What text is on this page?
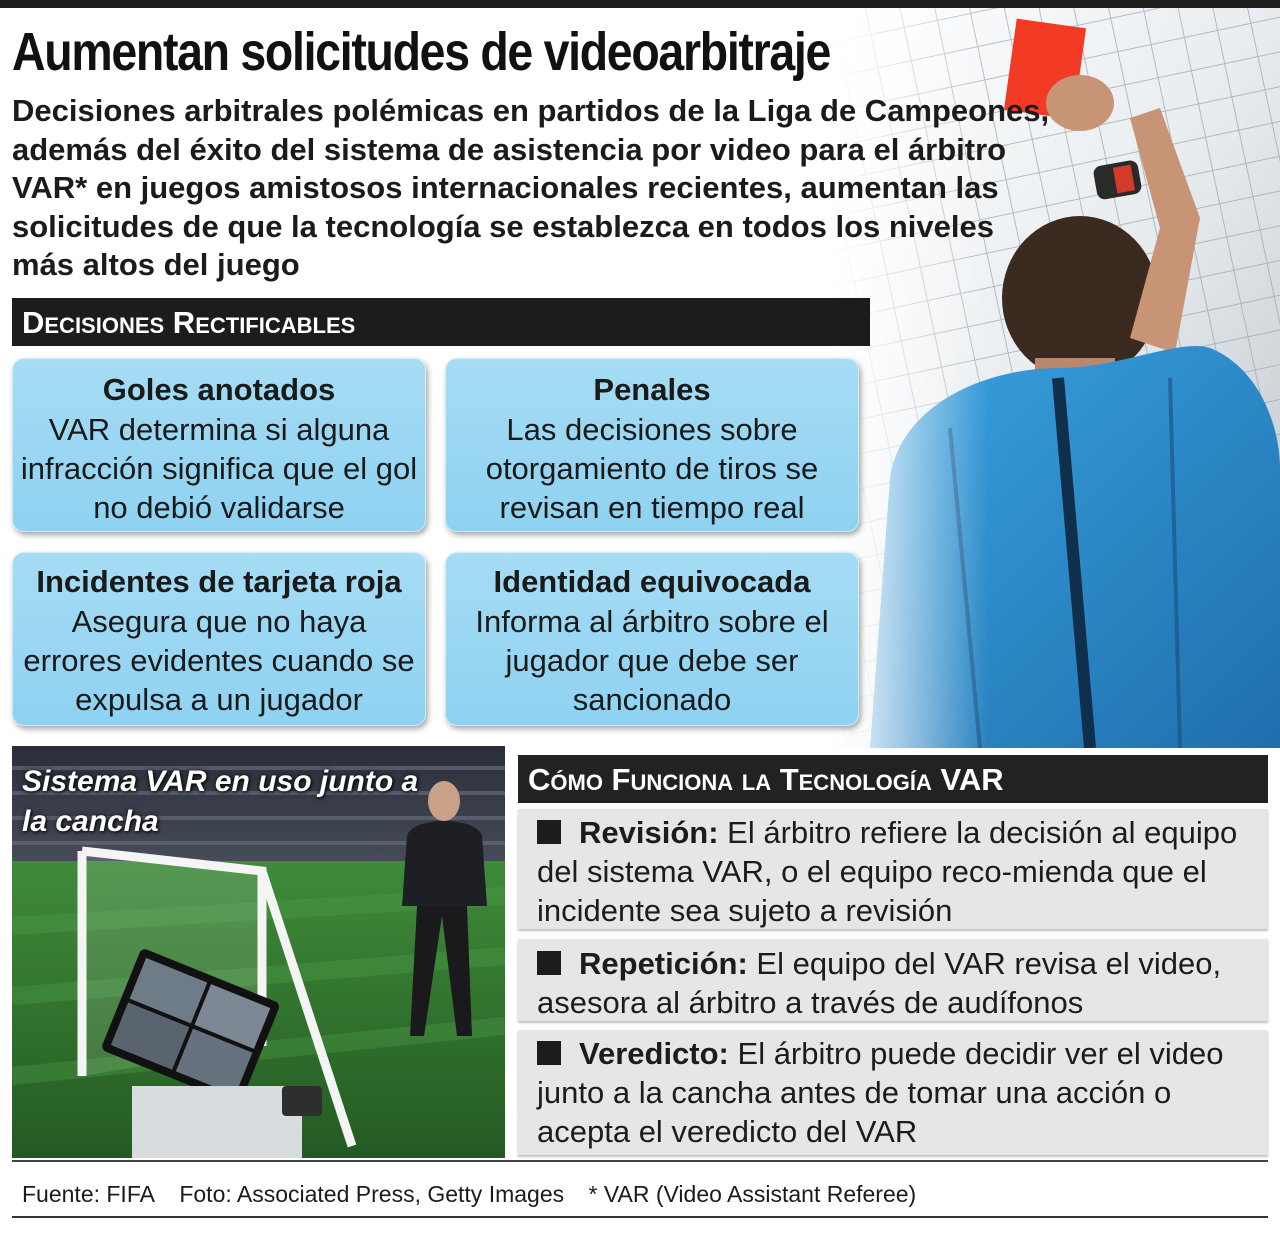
Aumentan solicitudes de videoarbitraje

Decisiones arbitrales polémicas en partidos de la Liga de Campeones, además del éxito del sistema de asistencia por video para el árbitro VAR* en juegos amistosos internacionales recientes, aumentan las solicitudes de que la tecnología se establezca en todos los niveles más altos del juego

Decisiones Rectificables
Goles anotados
VAR determina si alguna infracción significa que el gol no debió validarse
Penales
Las decisiones sobre otorgamiento de tiros se revisan en tiempo real
Incidentes de tarjeta roja
Asegura que no haya errores evidentes cuando se expulsa a un jugador
Identidad equivocada
Informa al árbitro sobre el jugador que debe ser sancionado

Sistema VAR en uso junto a la cancha

Cómo Funciona la Tecnología VAR
Revisión: El árbitro refiere la decisión al equipo del sistema VAR, o el equipo reco-mienda que el incidente sea sujeto a revisión
Repetición: El equipo del VAR revisa el video, asesora al árbitro a través de audífonos
Veredicto: El árbitro puede decidir ver el video junto a la cancha antes de tomar una acción o acepta el veredicto del VAR

Fuente: FIFA Foto: Associated Press, Getty Images * VAR (Video Assistant Referee)
